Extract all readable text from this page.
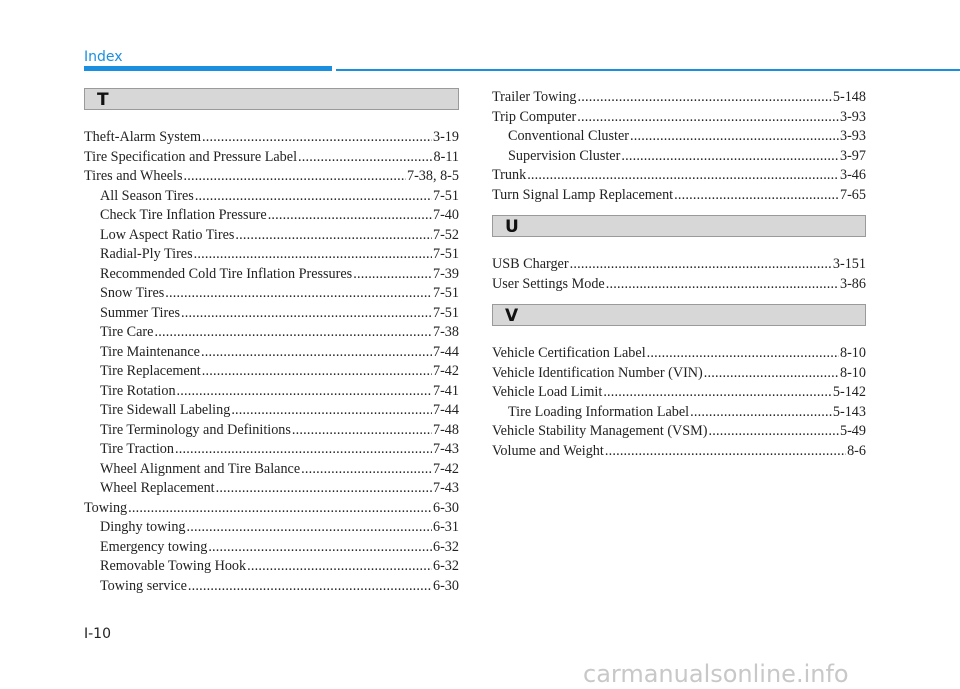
Index
T
Theft-Alarm System .....	3-19
Tire Specification and Pressure Label .....	8-11
Tires and Wheels .....	7-38, 8-5
All Season Tires .....	7-51
Check Tire Inflation Pressure .....	7-40
Low Aspect Ratio Tires .....	7-52
Radial-Ply Tires .....	7-51
Recommended Cold Tire Inflation Pressures .....	7-39
Snow Tires .....	7-51
Summer Tires .....	7-51
Tire Care .....	7-38
Tire Maintenance .....	7-44
Tire Replacement .....	7-42
Tire Rotation .....	7-41
Tire Sidewall Labeling .....	7-44
Tire Terminology and Definitions .....	7-48
Tire Traction .....	7-43
Wheel Alignment and Tire Balance .....	7-42
Wheel Replacement .....	7-43
Towing .....	6-30
Dinghy towing .....	6-31
Emergency towing .....	6-32
Removable Towing Hook .....	6-32
Towing service .....	6-30
Trailer Towing .....	5-148
Trip Computer .....	3-93
Conventional Cluster .....	3-93
Supervision Cluster .....	3-97
Trunk .....	3-46
Turn Signal Lamp Replacement .....	7-65
U
USB Charger .....	3-151
User Settings Mode .....	3-86
V
Vehicle Certification Label .....	8-10
Vehicle Identification Number (VIN) .....	8-10
Vehicle Load Limit .....	5-142
Tire Loading Information Label .....	5-143
Vehicle Stability Management (VSM) .....	5-49
Volume and Weight .....	8-6
I-10
carmanualsonline.info
